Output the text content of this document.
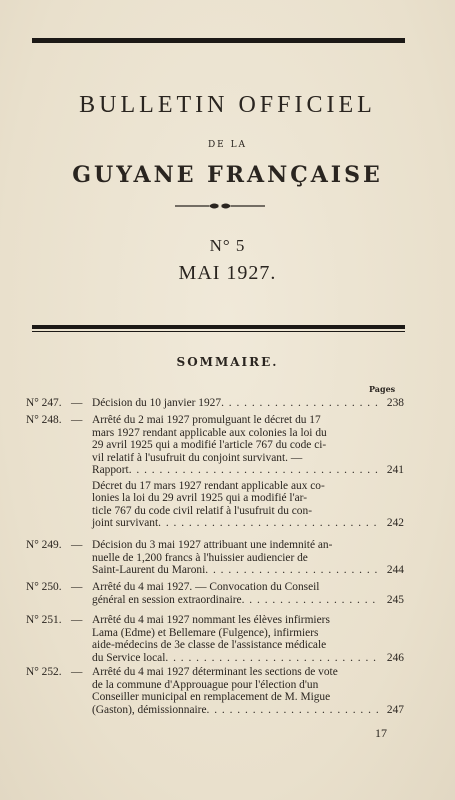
BULLETIN OFFICIEL
DE LA
GUYANE FRANÇAISE
N° 5
MAI 1927.
SOMMAIRE.
Pages
N° 247. — Décision du 10 janvier 1927 . . .	238
N° 248. — Arrêté du 2 mai 1927 promulguant le décret du 17
mars 1927 rendant applicable aux colonies la loi du
29 avril 1925 qui a modifié l'article 767 du code ci-
vil relatif à l'usufruit du conjoint survivant. —
Rapport . . .	241
Décret du 17 mars 1927 rendant applicable aux co-
lonies la loi du 29 avril 1925 qui a modifié l'ar-
ticle 767 du code civil relatif à l'usufruit du con-
joint survivant . . .	242
N° 249. — Décision du 3 mai 1927 attribuant une indemnité an-
nuelle de 1,200 francs à l'huissier audiencier de
Saint-Laurent du Maroni . . .	244
N° 250. — Arrêté du 4 mai 1927. — Convocation du Conseil
général en session extraordinaire . . .	245
N° 251. — Arrêté du 4 mai 1927 nommant les élèves infirmiers
Lama (Edme) et Bellemare (Fulgence), infirmiers
aide-médecins de 3e classe de l'assistance médicale
du Service local . . .	246
N° 252. — Arrêté du 4 mai 1927 déterminant les sections de vote
de la commune d'Approuague pour l'élection d'un
Conseiller municipal en remplacement de M. Migue
(Gaston), démissionnaire . . .	247
17
